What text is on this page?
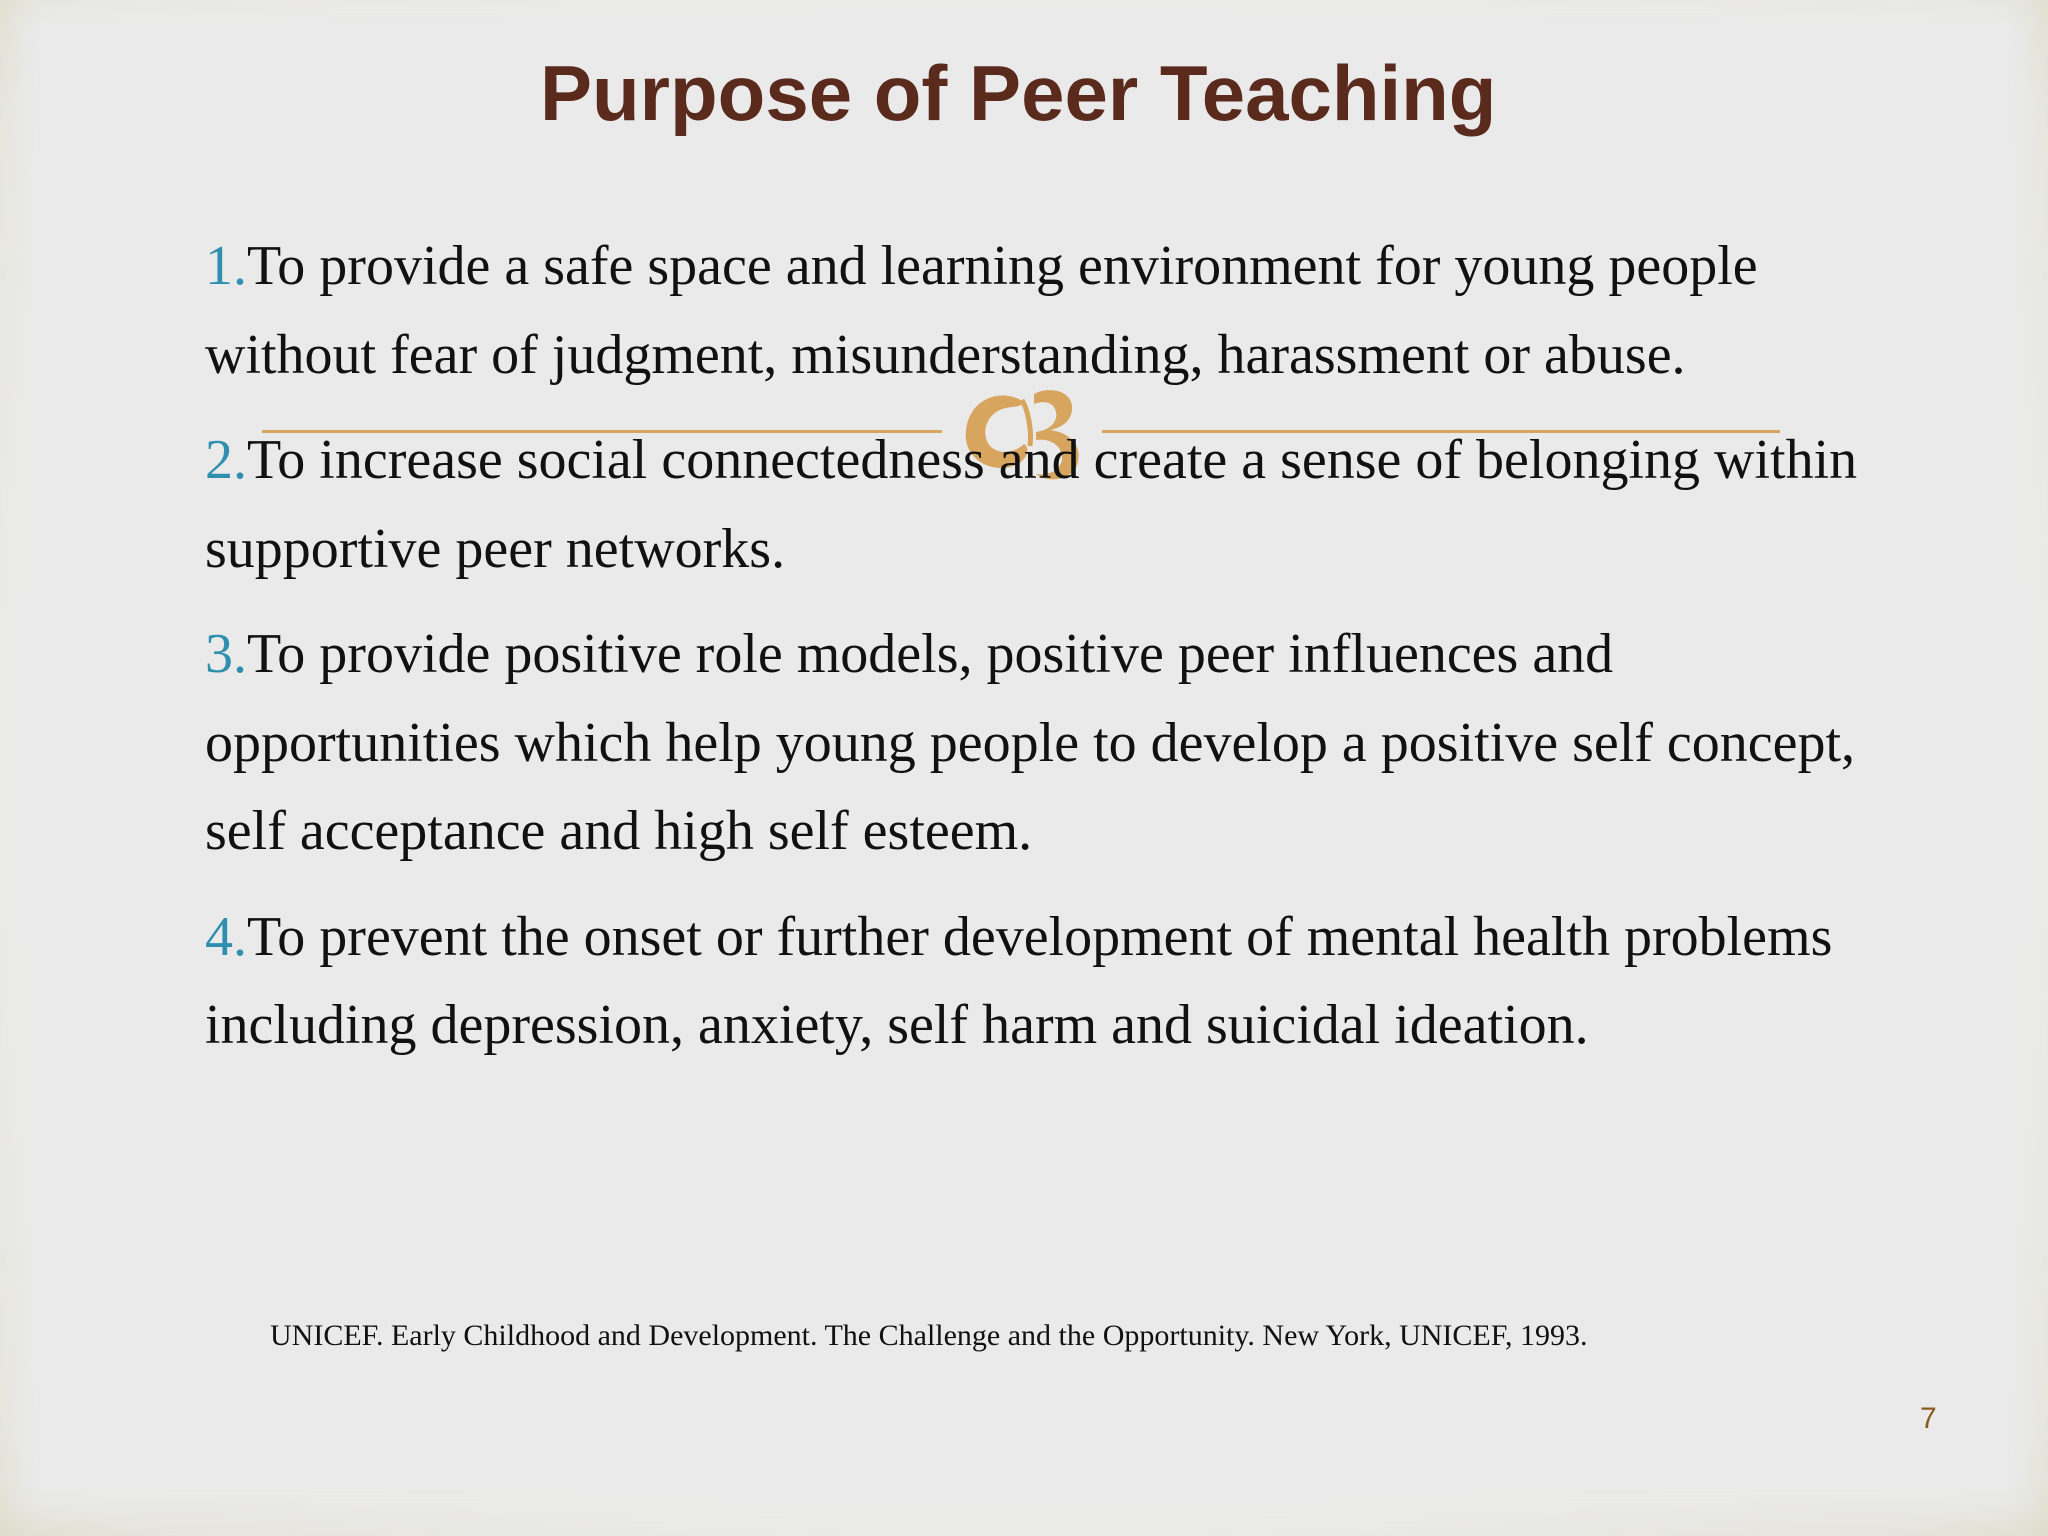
Purpose of Peer Teaching
1.To provide a safe space and learning environment for young people without fear of judgment, misunderstanding, harassment or abuse.
2.To increase social connectedness and create a sense of belonging within supportive peer networks.
3.To provide positive role models, positive peer influences and opportunities which help young people to develop a positive self concept, self acceptance and high self esteem.
4.To prevent the onset or further development of mental health problems including depression, anxiety, self harm and suicidal ideation.

UNICEF. Early Childhood and Development. The Challenge and the Opportunity. New York, UNICEF, 1993.

7
